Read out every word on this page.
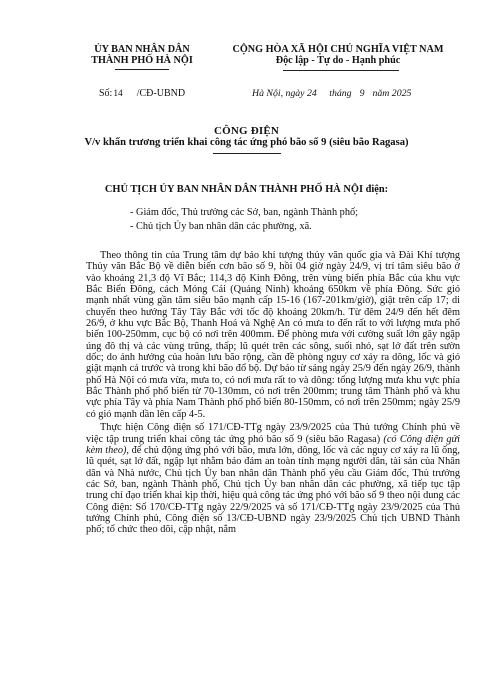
ỦY BAN NHÂN DÂN
THÀNH PHỐ HÀ NỘI
CỘNG HÒA XÃ HỘI CHỦ NGHĨA VIỆT NAM
Độc lập - Tự do - Hạnh phúc
Số:14 /CĐ-UBND	Hà Nội, ngày 24 tháng 9 năm 2025
CÔNG ĐIỆN
V/v khẩn trương triển khai công tác ứng phó bão số 9 (siêu bão Ragasa)
CHỦ TỊCH ỦY BAN NHÂN DÂN THÀNH PHỐ HÀ NỘI điện:
- Giám đốc, Thủ trưởng các Sở, ban, ngành Thành phố;
- Chủ tịch Ủy ban nhân dân các phường, xã.

Theo thông tin của Trung tâm dự báo khí tượng thủy văn quốc gia và Đài Khí tượng Thủy văn Bắc Bộ về diễn biến cơn bão số 9, hồi 04 giờ ngày 24/9, vị trí tâm siêu bão ở vào khoảng 21,3 độ Vĩ Bắc; 114,3 độ Kinh Đông, trên vùng biển phía Bắc của khu vực Bắc Biển Đông, cách Móng Cái (Quảng Ninh) khoảng 650km về phía Đông. Sức gió mạnh nhất vùng gần tâm siêu bão mạnh cấp 15-16 (167-201km/giờ), giật trên cấp 17; di chuyển theo hướng Tây Tây Bắc với tốc độ khoảng 20km/h. Từ đêm 24/9 đến hết đêm 26/9, ở khu vực Bắc Bộ, Thanh Hoá và Nghệ An có mưa to đến rất to với lượng mưa phổ biến 100-250mm, cục bộ có nơi trên 400mm. Để phòng mưa với cường suất lớn gây ngập úng đô thị và các vùng trũng, thấp; lũ quét trên các sông, suối nhỏ, sạt lở đất trên sườn dốc; do ảnh hưởng của hoàn lưu bão rộng, cần đề phòng nguy cơ xảy ra dông, lốc và gió giật mạnh cả trước và trong khi bão đổ bộ. Dự báo từ sáng ngày 25/9 đến ngày 26/9, thành phố Hà Nội có mưa vừa, mưa to, có nơi mưa rất to và dông: tổng lượng mưa khu vực phía Bắc Thành phố phổ biến từ 70-130mm, có nơi trên 200mm; trung tâm Thành phố và khu vực phía Tây và phía Nam Thành phố phổ biến 80-150mm, có nơi trên 250mm; ngày 25/9 có gió mạnh dần lên cấp 4-5.

Thực hiện Công điện số 171/CĐ-TTg ngày 23/9/2025 của Thủ tướng Chính phủ về việc tập trung triển khai công tác ứng phó bão số 9 (siêu bão Ragasa) (có Công điện gửi kèm theo), để chủ động ứng phó với bão, mưa lớn, dông, lốc và các nguy cơ xảy ra lũ ống, lũ quét, sạt lở đất, ngập lụt nhằm bảo đảm an toàn tính mạng người dân, tài sản của Nhân dân và Nhà nước, Chủ tịch Ủy ban nhân dân Thành phố yêu cầu Giám đốc, Thủ trưởng các Sở, ban, ngành Thành phố, Chủ tịch Ủy ban nhân dân các phường, xã tiếp tục tập trung chỉ đạo triển khai kịp thời, hiệu quả công tác ứng phó với bão số 9 theo nội dung các Công điện: Số 170/CĐ-TTg ngày 22/9/2025 và số 171/CĐ-TTg ngày 23/9/2025 của Thủ tướng Chính phủ, Công điện số 13/CĐ-UBND ngày 23/9/2025 Chủ tịch UBND Thành phố; tổ chức theo dõi, cập nhật, nắm
